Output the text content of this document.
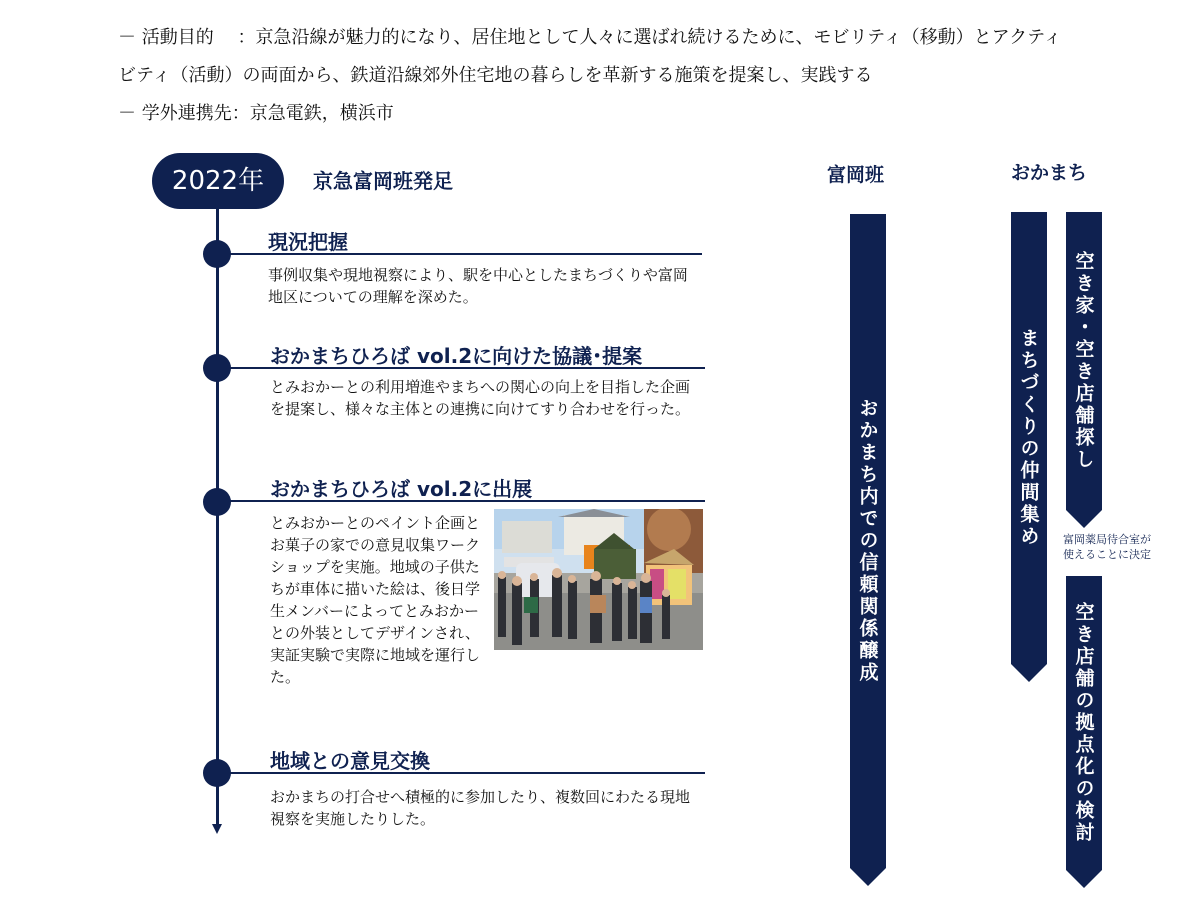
－ 活動目的　 ：京急沿線が魅力的になり、居住地として人々に選ばれ続けるために、モビリティ（移動）とアクティ
ビティ（活動）の両面から、鉄道沿線郊外住宅地の暮らしを革新する施策を提案し、実践する
－ 学外連携先：京急電鉄，横浜市
2022年	京急富岡班発足
現況把握
事例収集や現地視察により、駅を中心としたまちづくりや富岡地区についての理解を深めた。
おかまちひろば vol.2に向けた協議･提案
とみおかーとの利用増進やまちへの関心の向上を目指した企画を提案し、様々な主体との連携に向けてすり合わせを行った。
おかまちひろば vol.2に出展
とみおかーとのペイント企画とお菓子の家での意見収集ワークショップを実施。地域の子供たちが車体に描いた絵は、後日学生メンバーによってとみおかーとの外装としてデザインされ、実証実験で実際に地域を運行した。
地域との意見交換
おかまちの打合せへ積極的に参加したり、複数回にわたる現地視察を実施したりした。
富岡班
おかまち内での信頼関係醸成
おかまち
まちづくりの仲間集め	空き家・空き店舗探し
富岡薬局待合室が
使えることに決定
空き店舗の拠点化の検討
